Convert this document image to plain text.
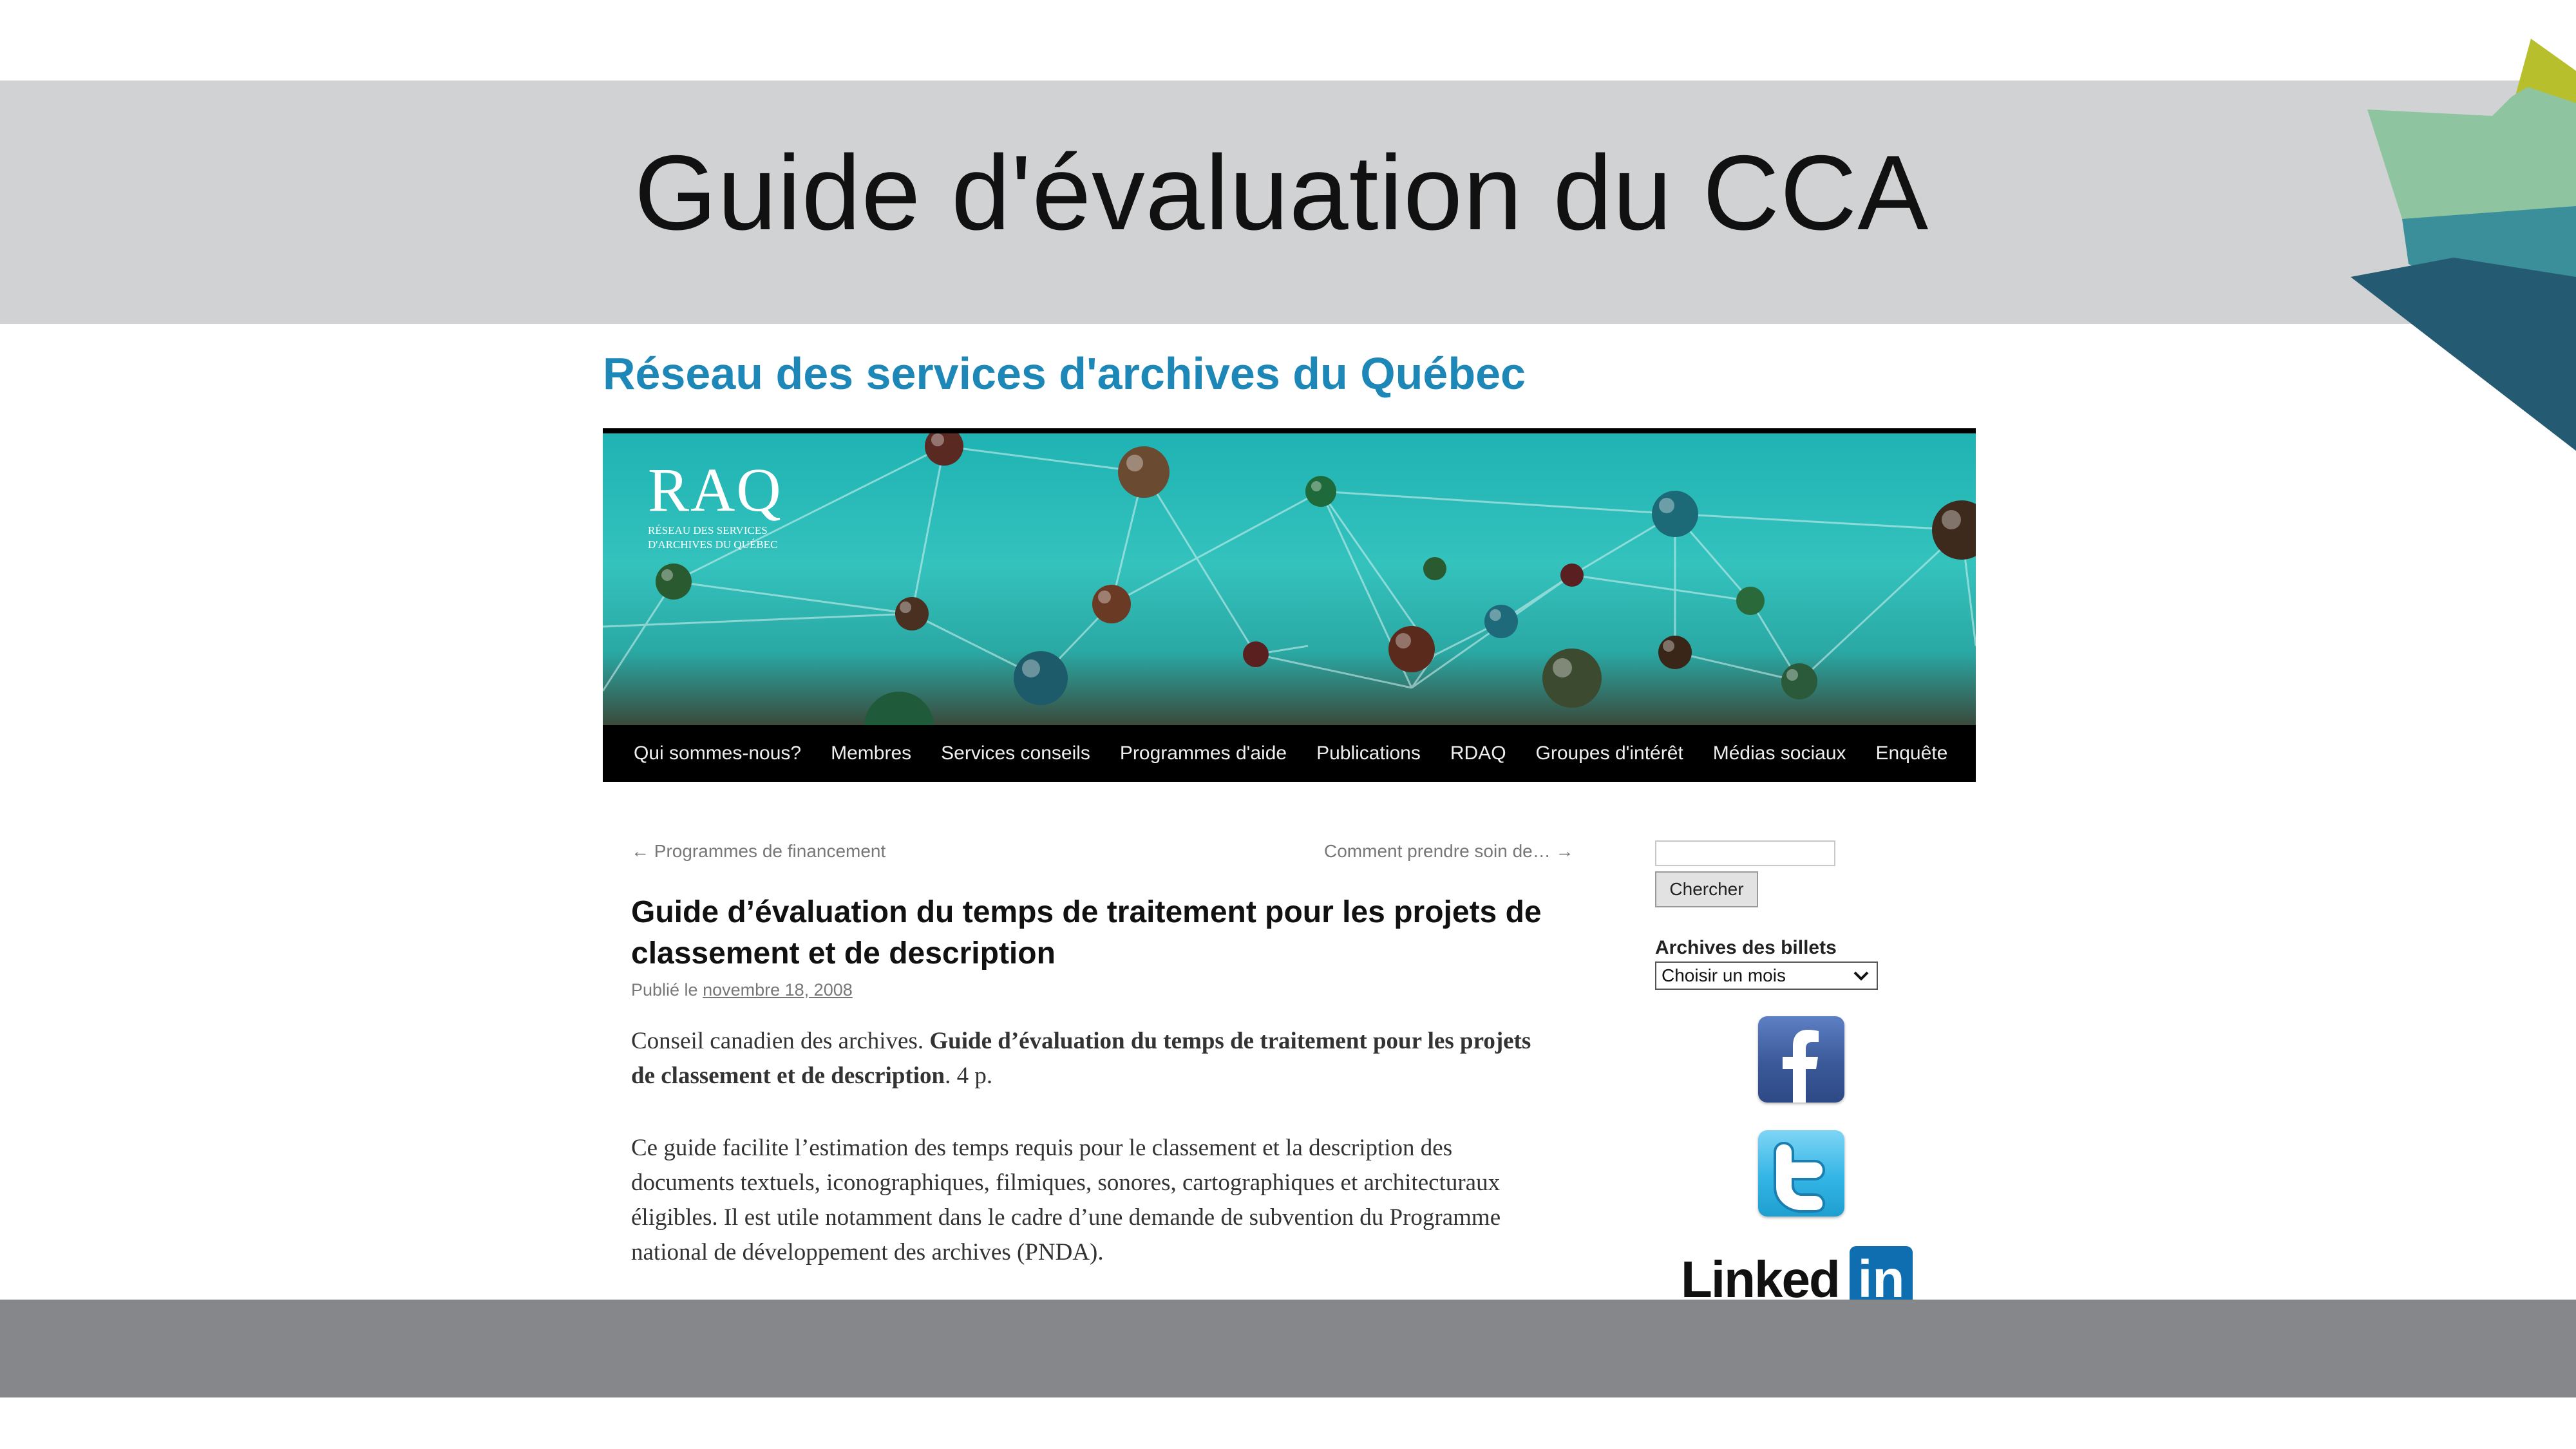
Guide d'évaluation du CCA
Réseau des services d'archives du Québec
RAQ
RÉSEAU DES SERVICES
D'ARCHIVES DU QUÉBEC
Qui sommes-nous? Membres Services conseils Programmes d'aide Publications RDAQ Groupes d'intérêt Médias sociaux Enquête
← Programmes de financement	Comment prendre soin de… →
Guide d’évaluation du temps de traitement pour les projets de classement et de description
Publié le novembre 18, 2008
Conseil canadien des archives. Guide d’évaluation du temps de traitement pour les projets de classement et de description. 4 p.
Ce guide facilite l’estimation des temps requis pour le classement et la description des documents textuels, iconographiques, filmiques, sonores, cartographiques et architecturaux éligibles. Il est utile notamment dans le cadre d’une demande de subvention du Programme national de développement des archives (PNDA).
Chercher
Archives des billets
Choisir un mois
Linked in
